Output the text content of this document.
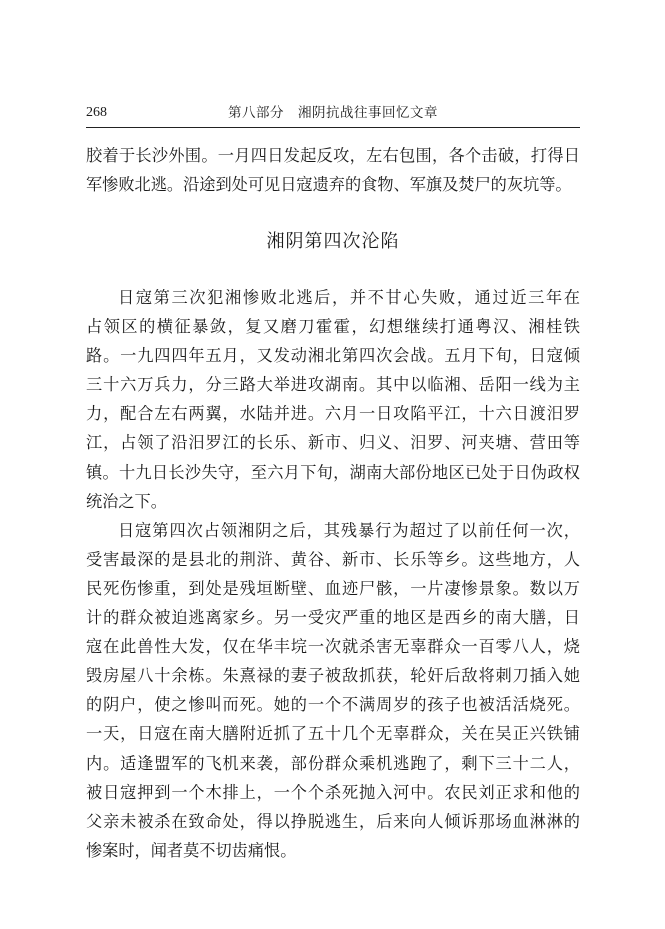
268	第八部分　湘阴抗战往事回忆文章
胶着于长沙外围。一月四日发起反攻，左右包围，各个击破，打得日
军惨败北逃。沿途到处可见日寇遗弃的食物、军旗及焚尸的灰坑等。
湘阴第四次沦陷
日寇第三次犯湘惨败北逃后，并不甘心失败，通过近三年在
占领区的横征暴敛，复又磨刀霍霍，幻想继续打通粤汉、湘桂铁
路。一九四四年五月，又发动湘北第四次会战。五月下旬，日寇倾
三十六万兵力，分三路大举进攻湖南。其中以临湘、岳阳一线为主
力，配合左右两翼，水陆并进。六月一日攻陷平江，十六日渡汨罗
江，占领了沿汨罗江的长乐、新市、归义、汨罗、河夹塘、营田等
镇。十九日长沙失守，至六月下旬，湖南大部份地区已处于日伪政权
统治之下。
日寇第四次占领湘阴之后，其残暴行为超过了以前任何一次，
受害最深的是县北的荆浒、黄谷、新市、长乐等乡。这些地方，人
民死伤惨重，到处是残垣断壁、血迹尸骸，一片凄惨景象。数以万
计的群众被迫逃离家乡。另一受灾严重的地区是西乡的南大膳，日
寇在此兽性大发，仅在华丰垸一次就杀害无辜群众一百零八人，烧
毁房屋八十余栋。朱熹禄的妻子被敌抓获，轮奸后敌将刺刀插入她
的阴户，使之惨叫而死。她的一个不满周岁的孩子也被活活烧死。
一天，日寇在南大膳附近抓了五十几个无辜群众，关在吴正兴铁铺
内。适逢盟军的飞机来袭，部份群众乘机逃跑了，剩下三十二人，
被日寇押到一个木排上，一个个杀死抛入河中。农民刘正求和他的
父亲未被杀在致命处，得以挣脱逃生，后来向人倾诉那场血淋淋的
惨案时，闻者莫不切齿痛恨。
